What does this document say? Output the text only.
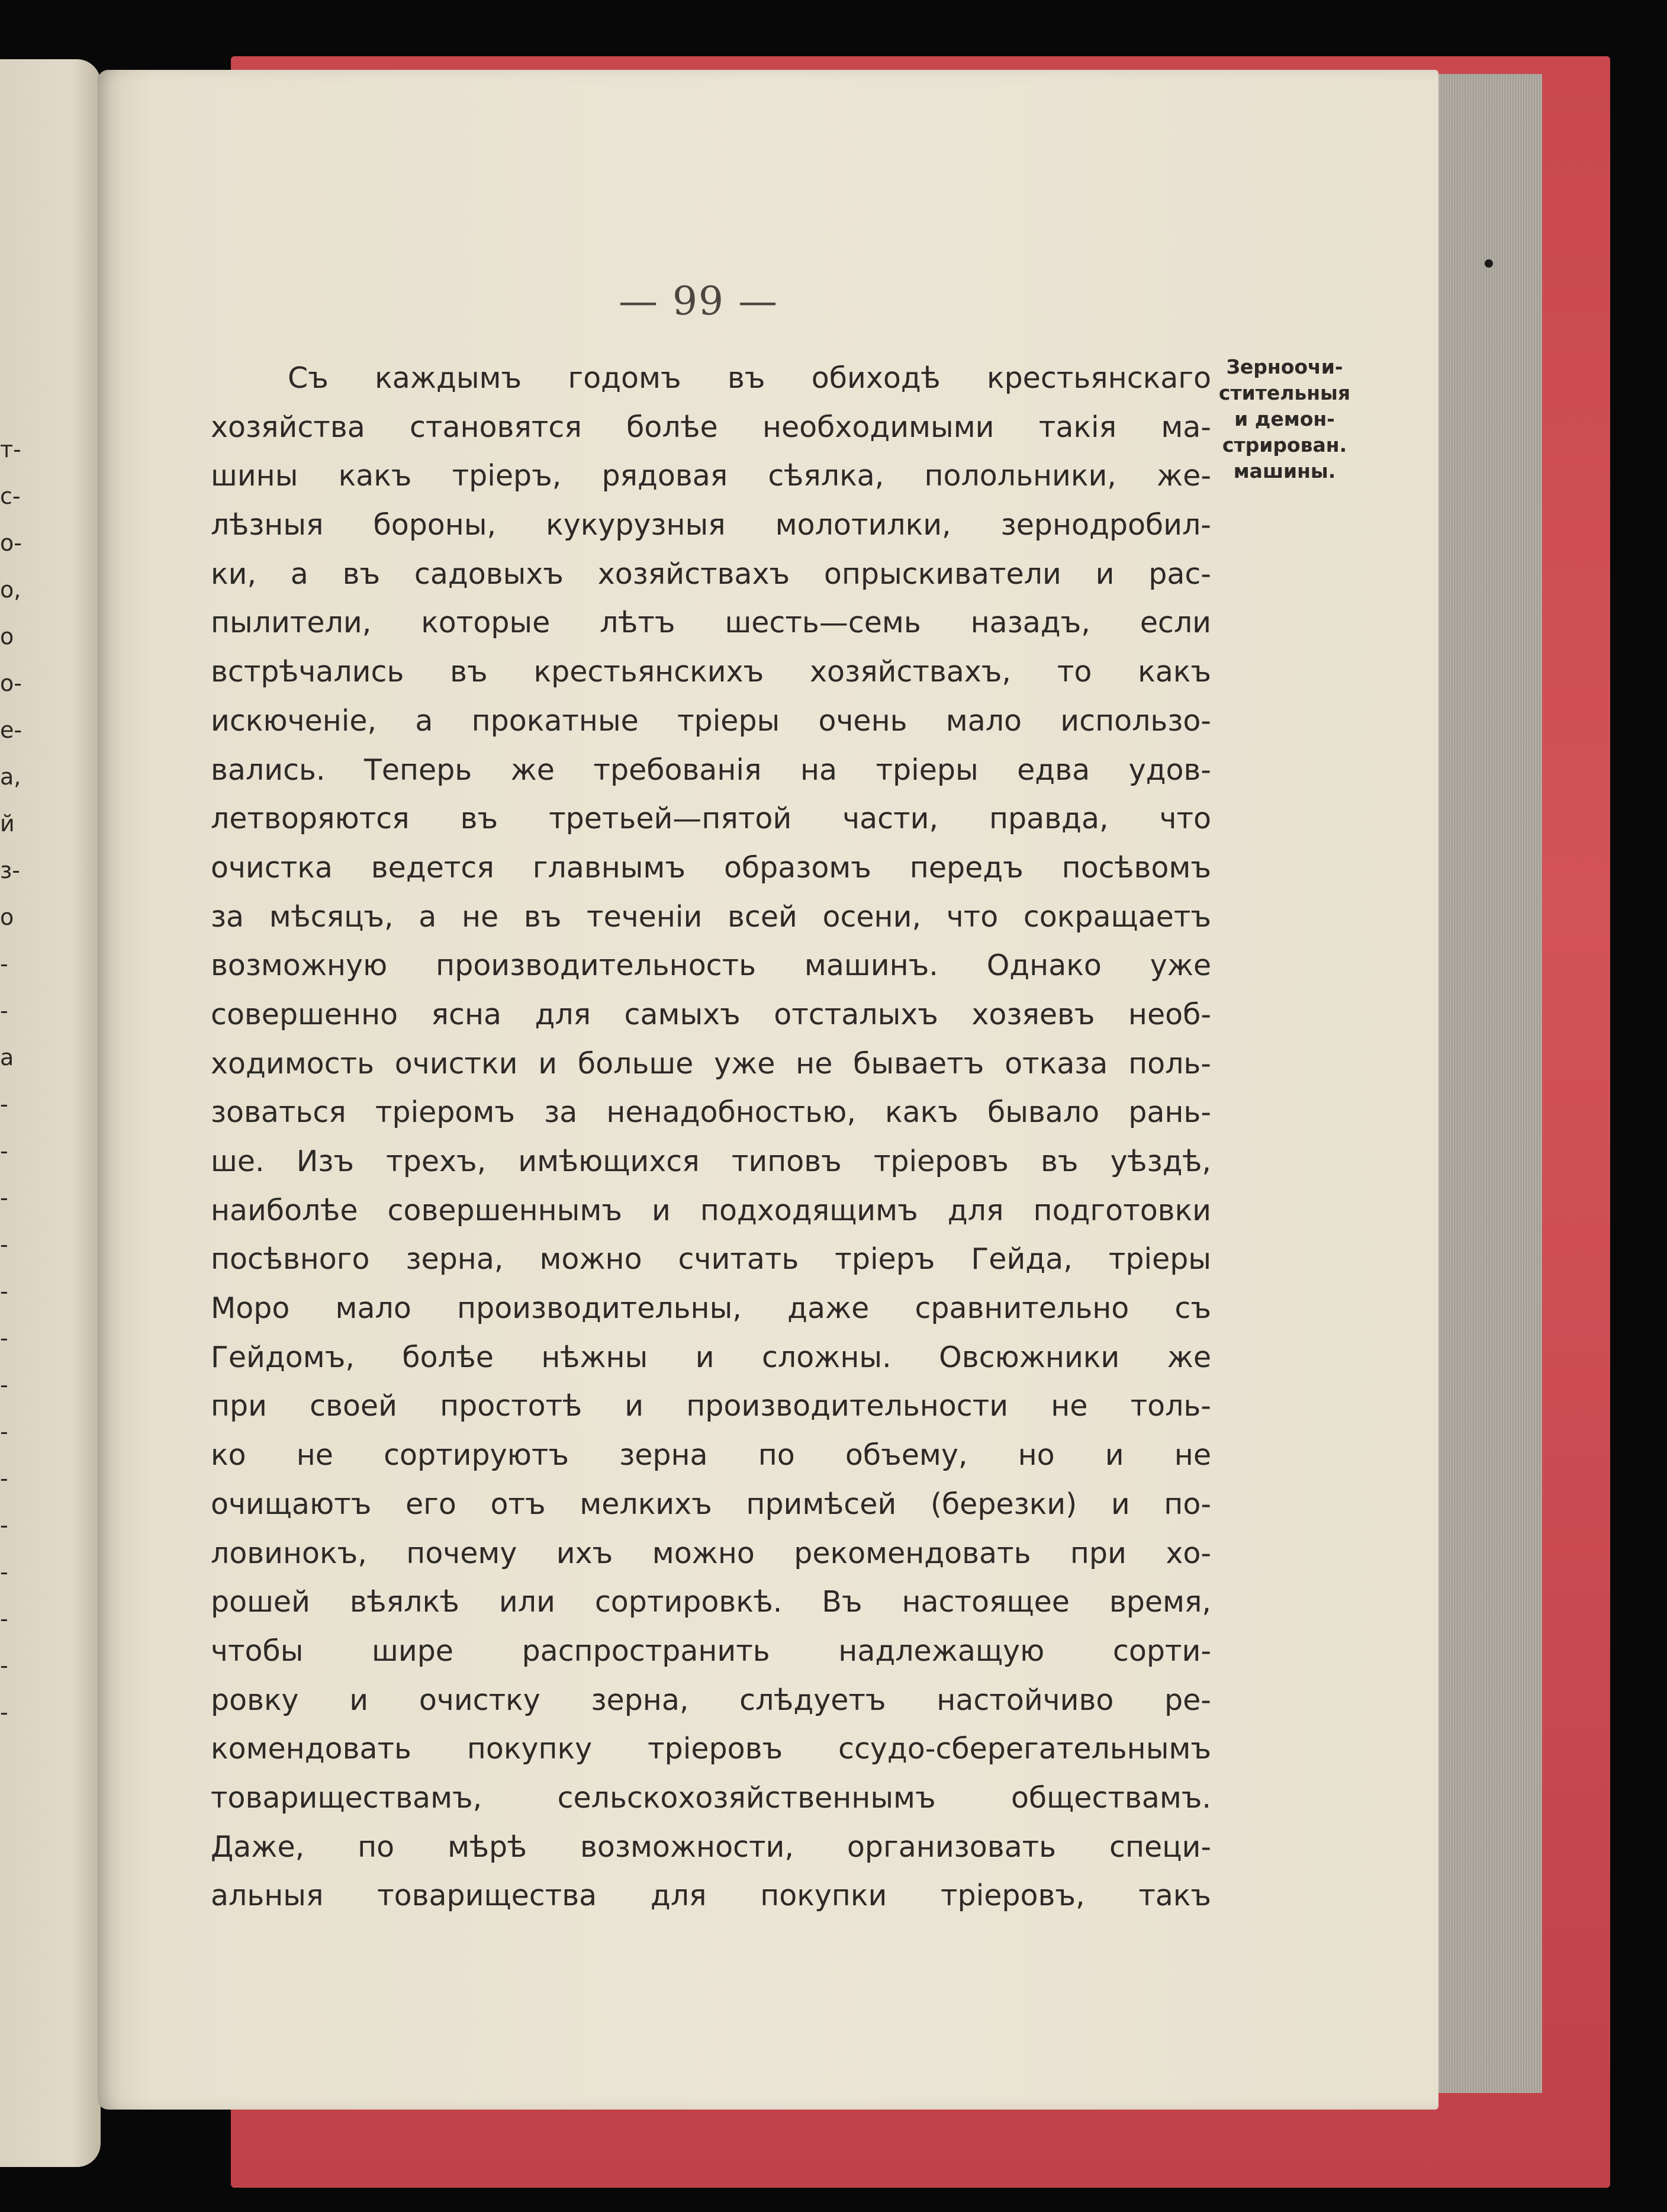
т-
с-
о-
о,
о
о-
е-
а,
й
з-
о
-
-
а
-
-
-
-
-
-
-
-
-
-
-
-
-
-
— 99 —
Съ каждымъ годомъ въ обиходѣ крестьянскаго
хозяйства становятся болѣе необходимыми такія ма-
шины какъ тріеръ, рядовая сѣялка, полольники, же-
лѣзныя бороны, кукурузныя молотилки, зернодробил-
ки, а въ садовыхъ хозяйствахъ опрыскиватели и рас-
пылители, которые лѣтъ шесть—семь назадъ, если
встрѣчались въ крестьянскихъ хозяйствахъ, то какъ
искюченіе, а прокатные тріеры очень мало использо-
вались. Теперь же требованія на тріеры едва удов-
летворяются въ третьей—пятой части, правда, что
очистка ведется главнымъ образомъ передъ посѣвомъ
за мѣсяцъ, а не въ теченіи всей осени, что сокращаетъ
возможную производительность машинъ. Однако уже
совершенно ясна для самыхъ отсталыхъ хозяевъ необ-
ходимость очистки и больше уже не бываетъ отказа поль-
зоваться тріеромъ за ненадобностью, какъ бывало рань-
ше. Изъ трехъ, имѣющихся типовъ тріеровъ въ уѣздѣ,
наиболѣе совершеннымъ и подходящимъ для подготовки
посѣвного зерна, можно считать тріеръ Гейда, тріеры
Моро мало производительны, даже сравнительно съ
Гейдомъ, болѣе нѣжны и сложны. Овсюжники же
при своей простотѣ и производительности не толь-
ко не сортируютъ зерна по объему, но и не
очищаютъ его отъ мелкихъ примѣсей (березки) и по-
ловинокъ, почему ихъ можно рекомендовать при хо-
рошей вѣялкѣ или сортировкѣ. Въ настоящее время,
чтобы шире распространить надлежащую сорти-
ровку и очистку зерна, слѣдуетъ настойчиво ре-
комендовать покупку тріеровъ ссудо-сберегательнымъ
товариществамъ, сельскохозяйственнымъ обществамъ.
Даже, по мѣрѣ возможности, организовать специ-
альныя товарищества для покупки тріеровъ, такъ
Зерноочи-
стительныя
и демон-
стрирован.
машины.
